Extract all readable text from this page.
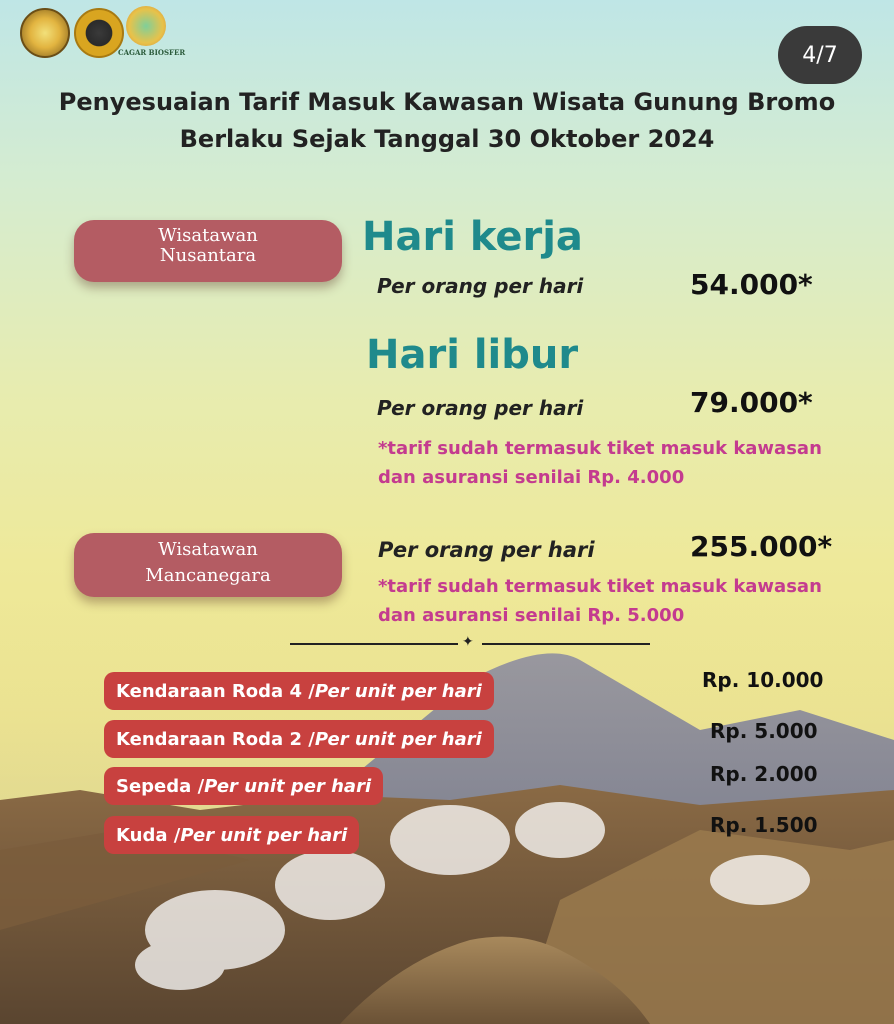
CAGAR BIOSFER	4/7
Penyesuaian Tarif Masuk Kawasan Wisata Gunung Bromo
Berlaku Sejak Tanggal 30 Oktober 2024
Wisatawan
Nusantara	Hari kerja
Per orang per hari	54.000*
Hari libur
Per orang per hari	79.000*
*tarif sudah termasuk tiket masuk kawasan
dan asuransi senilai Rp. 4.000
Wisatawan
Mancanegara
Per orang per hari	255.000*
*tarif sudah termasuk tiket masuk kawasan
dan asuransi senilai Rp. 5.000
✦
Kendaraan Roda 4 / Per unit per hari	Rp. 10.000
Kendaraan Roda 2 / Per unit per hari	Rp. 5.000
Sepeda / Per unit per hari	Rp. 2.000
Kuda / Per unit per hari	Rp. 1.500
